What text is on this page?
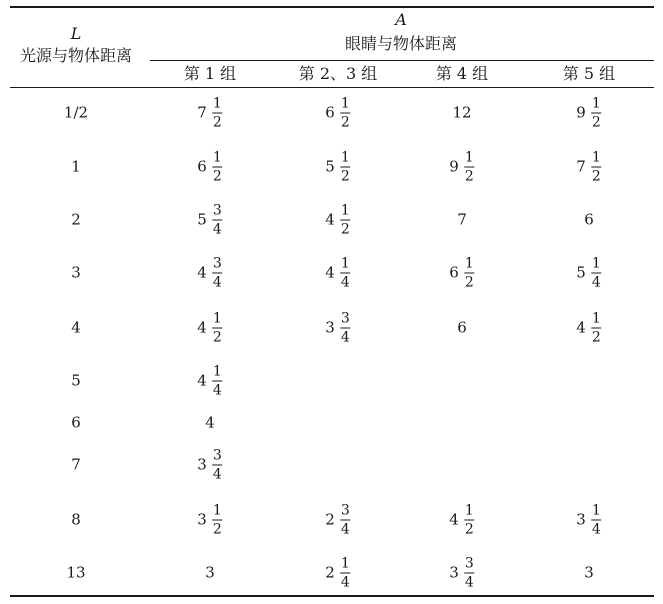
L
光源与物体距离
A
眼睛与物体距离
第 1 组	第 2、3 组	第 4 组	第 5 组
1/2	$7 \frac{1}{2}$	$6 \frac{1}{2}$	12	$9 \frac{1}{2}$
1	$6 \frac{1}{2}$	$5 \frac{1}{2}$	$9 \frac{1}{2}$	$7 \frac{1}{2}$
2	$5 \frac{3}{4}$	$4 \frac{1}{2}$	7	6
3	$4 \frac{3}{4}$	$4 \frac{1}{4}$	$6 \frac{1}{2}$	$5 \frac{1}{4}$
4	$4 \frac{1}{2}$	$3 \frac{3}{4}$	6	$4 \frac{1}{2}$
5	$4 \frac{1}{4}$
6	4
7	$3 \frac{3}{4}$
8	$3 \frac{1}{2}$	$2 \frac{3}{4}$	$4 \frac{1}{2}$	$3 \frac{1}{4}$
13	3	$2 \frac{1}{4}$	$3 \frac{3}{4}$	3
